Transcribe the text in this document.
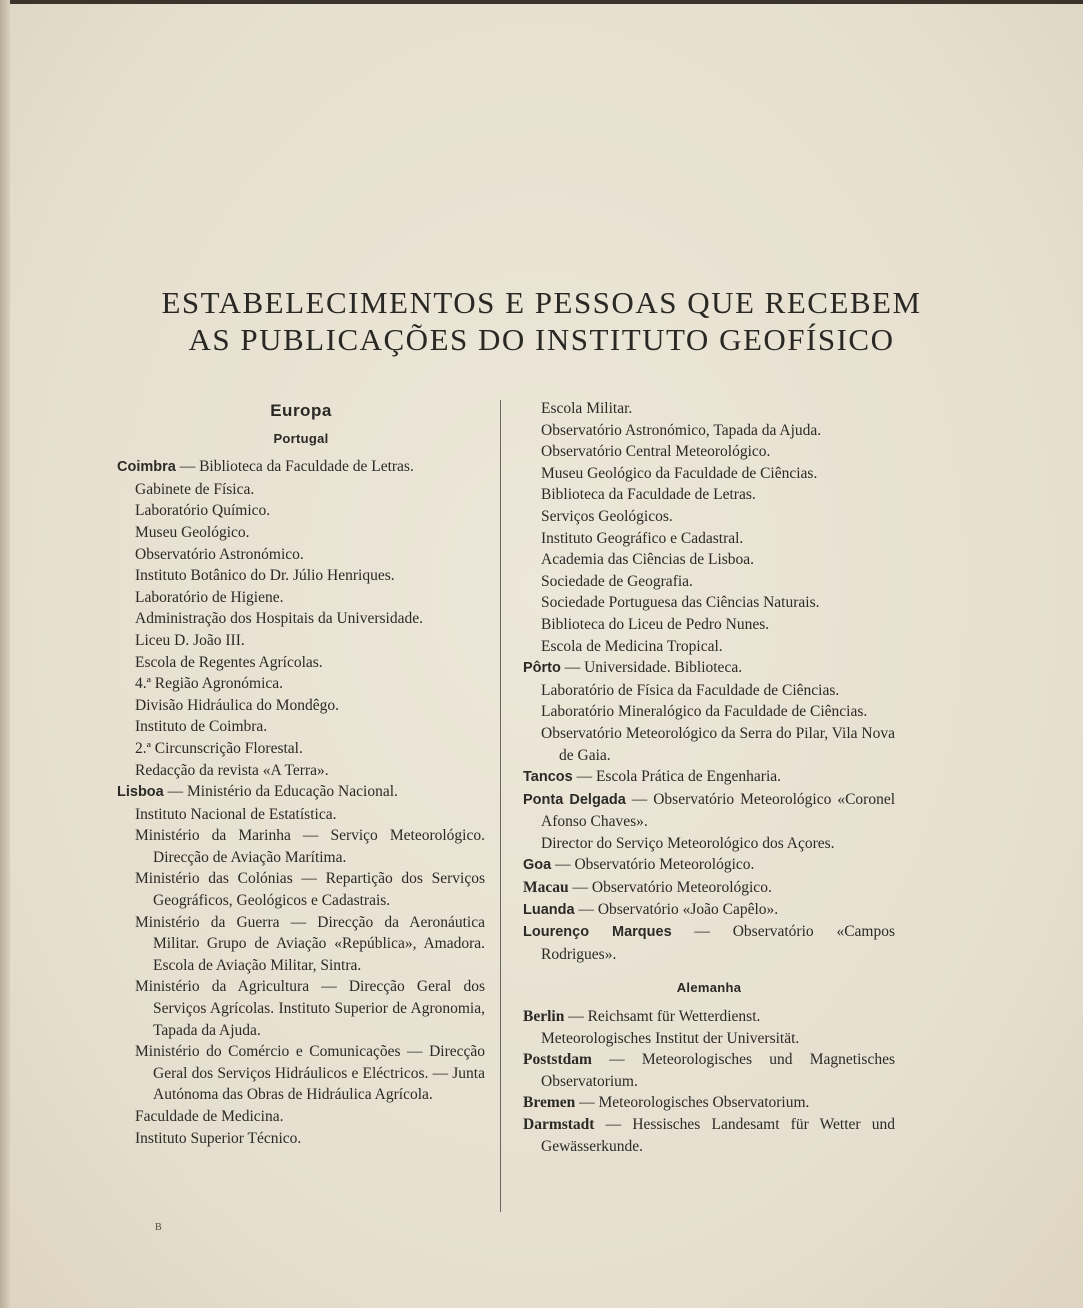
ESTABELECIMENTOS E PESSOAS QUE RECEBEM
AS PUBLICAÇÕES DO INSTITUTO GEOFÍSICO
Europa
Portugal
Coimbra — Biblioteca da Faculdade de Letras.
Gabinete de Física.
Laboratório Químico.
Museu Geológico.
Observatório Astronómico.
Instituto Botânico do Dr. Júlio Henriques.
Laboratório de Higiene.
Administração dos Hospitais da Universidade.
Liceu D. João III.
Escola de Regentes Agrícolas.
4.ª Região Agronómica.
Divisão Hidráulica do Mondêgo.
Instituto de Coimbra.
2.ª Circunscrição Florestal.
Redacção da revista «A Terra».
Lisboa — Ministério da Educação Nacional.
Instituto Nacional de Estatística.
Ministério da Marinha — Serviço Meteorológico. Direcção de Aviação Marítima.
Ministério das Colónias — Repartição dos Serviços Geográficos, Geológicos e Cadastrais.
Ministério da Guerra — Direcção da Aeronáutica Militar. Grupo de Aviação «República», Amadora. Escola de Aviação Militar, Sintra.
Ministério da Agricultura — Direcção Geral dos Serviços Agrícolas. Instituto Superior de Agronomia, Tapada da Ajuda.
Ministério do Comércio e Comunicações — Direcção Geral dos Serviços Hidráulicos e Eléctricos. — Junta Autónoma das Obras de Hidráulica Agrícola.
Faculdade de Medicina.
Instituto Superior Técnico.
Escola Militar.
Observatório Astronómico, Tapada da Ajuda.
Observatório Central Meteorológico.
Museu Geológico da Faculdade de Ciências.
Biblioteca da Faculdade de Letras.
Serviços Geológicos.
Instituto Geográfico e Cadastral.
Academia das Ciências de Lisboa.
Sociedade de Geografia.
Sociedade Portuguesa das Ciências Naturais.
Biblioteca do Liceu de Pedro Nunes.
Escola de Medicina Tropical.
Pôrto — Universidade. Biblioteca.
Laboratório de Física da Faculdade de Ciências.
Laboratório Mineralógico da Faculdade de Ciências.
Observatório Meteorológico da Serra do Pilar, Vila Nova de Gaia.
Tancos — Escola Prática de Engenharia.
Ponta Delgada — Observatório Meteorológico «Coronel Afonso Chaves».
Director do Serviço Meteorológico dos Açores.
Goa — Observatório Meteorológico.
Macau — Observatório Meteorológico.
Luanda — Observatório «João Capêlo».
Lourenço Marques — Observatório «Campos Rodrigues».
Alemanha
Berlin — Reichsamt für Wetterdienst.
Meteorologisches Institut der Universität.
Poststdam — Meteorologisches und Magnetisches Observatorium.
Bremen — Meteorologisches Observatorium.
Darmstadt — Hessisches Landesamt für Wetter und Gewässerkunde.
B
